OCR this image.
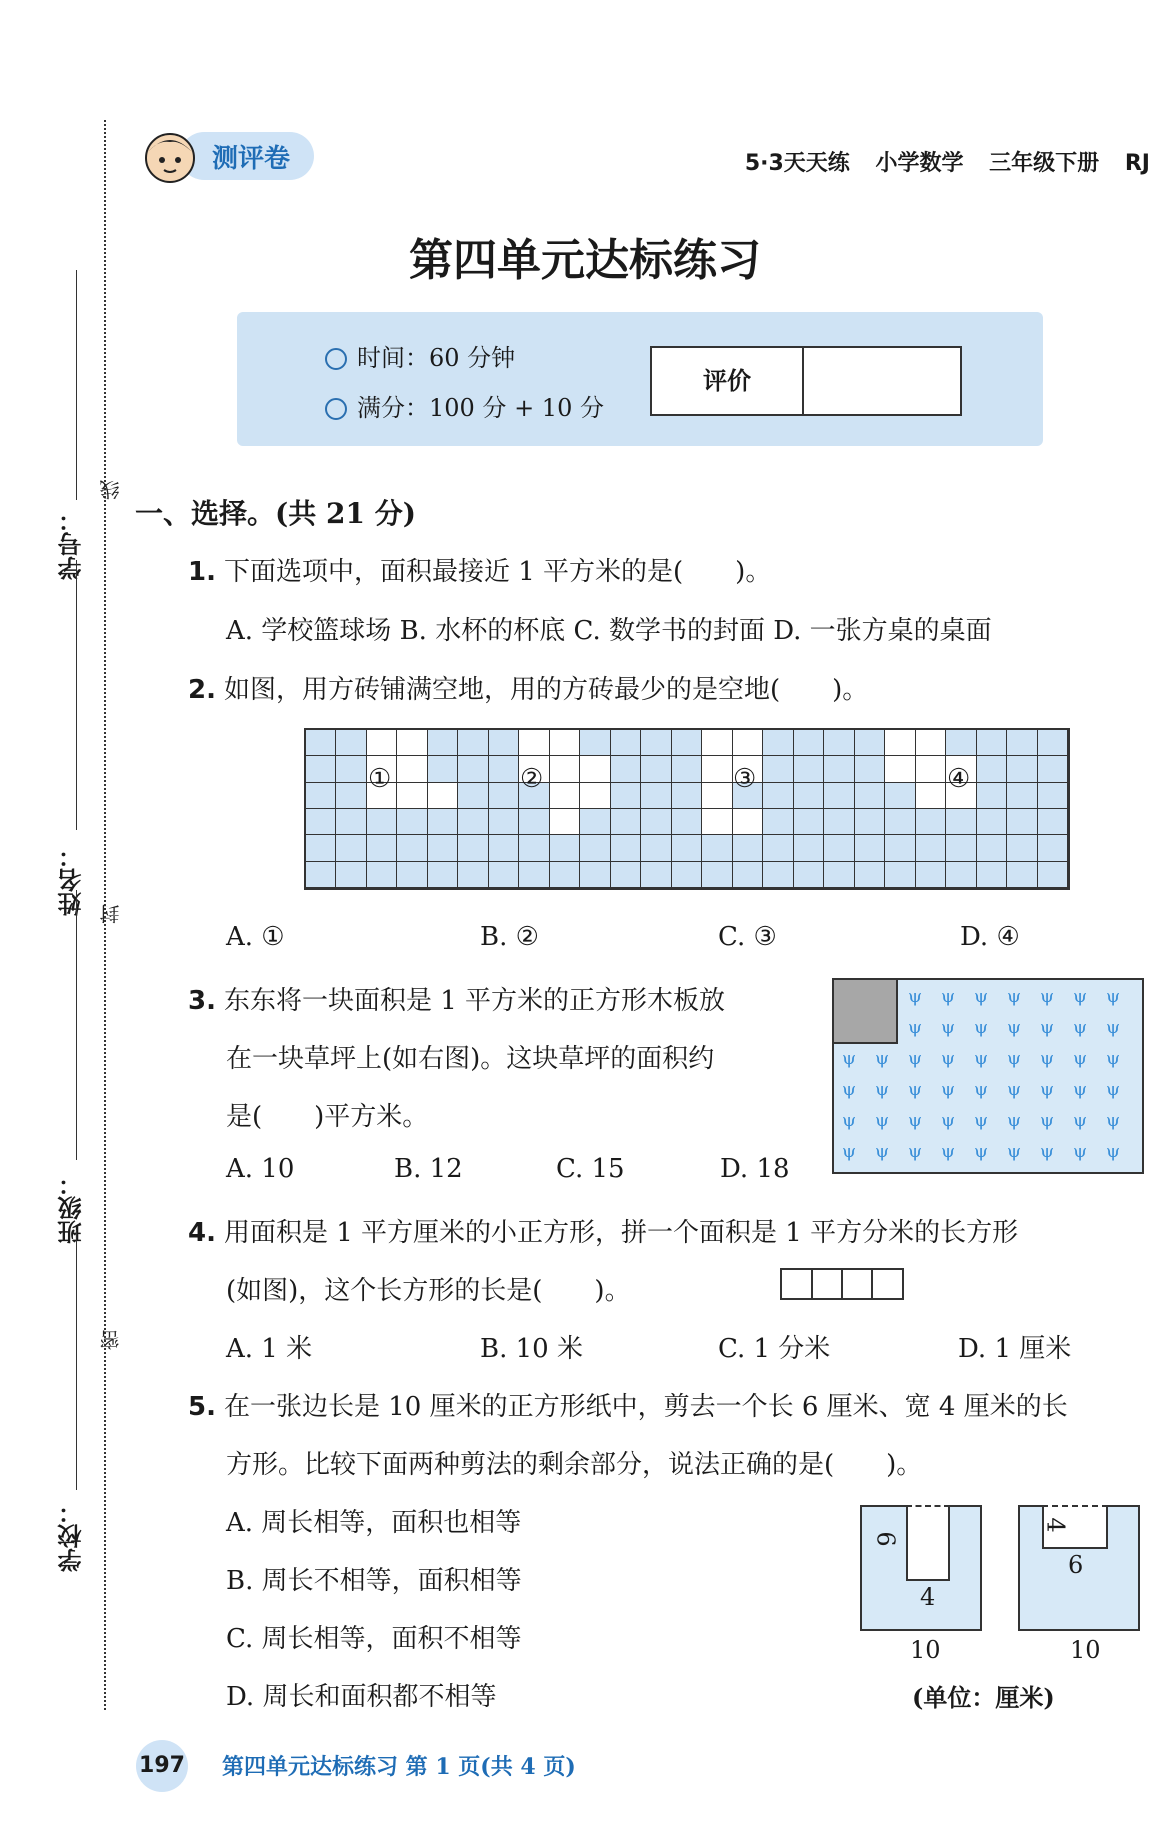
学号：
线
姓名： 封
班级：
密
学校：
测评卷	5·3天天练 小学数学 三年级下册 RJ
第四单元达标练习
时间：60 分钟
满分：100 分 + 10 分
评价
一、选择。(共 21 分)
1. 下面选项中，面积最接近 1 平方米的是(　　)。
A. 学校篮球场 B. 水杯的杯底 C. 数学书的封面 D. 一张方桌的桌面
2. 如图，用方砖铺满空地，用的方砖最少的是空地(　　)。
①	②	③	④
A. ①	B. ②	C. ③	D. ④
3. 东东将一块面积是 1 平方米的正方形木板放
在一块草坪上(如右图)。这块草坪的面积约
是(　　)平方米。
A. 10	B. 12	C. 15	D. 18
ψ ψ ψ ψ ψ ψ ψ
ψ ψ ψ ψ ψ ψ ψ
ψ ψ ψ ψ ψ ψ ψ ψ ψ
ψ ψ ψ ψ ψ ψ ψ ψ ψ
ψ ψ ψ ψ ψ ψ ψ ψ ψ
ψ ψ ψ ψ ψ ψ ψ ψ ψ
4. 用面积是 1 平方厘米的小正方形，拼一个面积是 1 平方分米的长方形
(如图)，这个长方形的长是(　　)。
A. 1 米	B. 10 米	C. 1 分米	D. 1 厘米
5. 在一张边长是 10 厘米的正方形纸中，剪去一个长 6 厘米、宽 4 厘米的长
方形。比较下面两种剪法的剩余部分，说法正确的是(　　)。
A. 周长相等，面积也相等
B. 周长不相等，面积相等
C. 周长相等，面积不相等
D. 周长和面积都不相等
6
4
10
4
6
10
(单位：厘米)
197 第四单元达标练习 第 1 页(共 4 页)
